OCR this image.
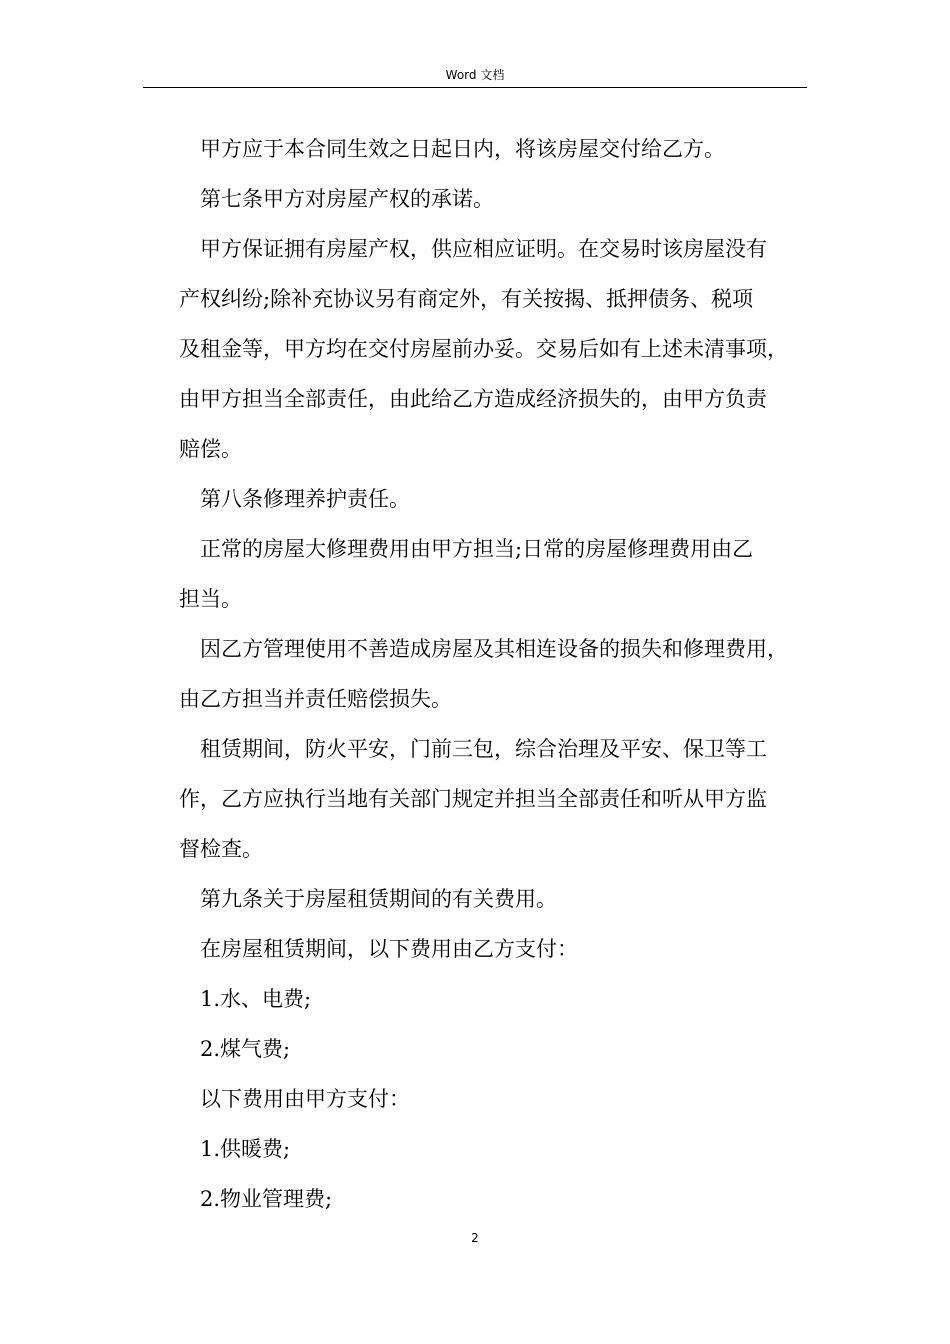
Word 文档
甲方应于本合同生效之日起日内，将该房屋交付给乙方。
第七条甲方对房屋产权的承诺。
甲方保证拥有房屋产权，供应相应证明。在交易时该房屋没有
产权纠纷;除补充协议另有商定外，有关按揭、抵押债务、税项
及租金等，甲方均在交付房屋前办妥。交易后如有上述未清事项，
由甲方担当全部责任，由此给乙方造成经济损失的，由甲方负责
赔偿。
第八条修理养护责任。
正常的房屋大修理费用由甲方担当;日常的房屋修理费用由乙
担当。
因乙方管理使用不善造成房屋及其相连设备的损失和修理费用，
由乙方担当并责任赔偿损失。
租赁期间，防火平安，门前三包，综合治理及平安、保卫等工
作，乙方应执行当地有关部门规定并担当全部责任和听从甲方监
督检查。
第九条关于房屋租赁期间的有关费用。
在房屋租赁期间，以下费用由乙方支付：
1.水、电费;
2.煤气费;
以下费用由甲方支付：
1.供暖费;
2.物业管理费;
2
